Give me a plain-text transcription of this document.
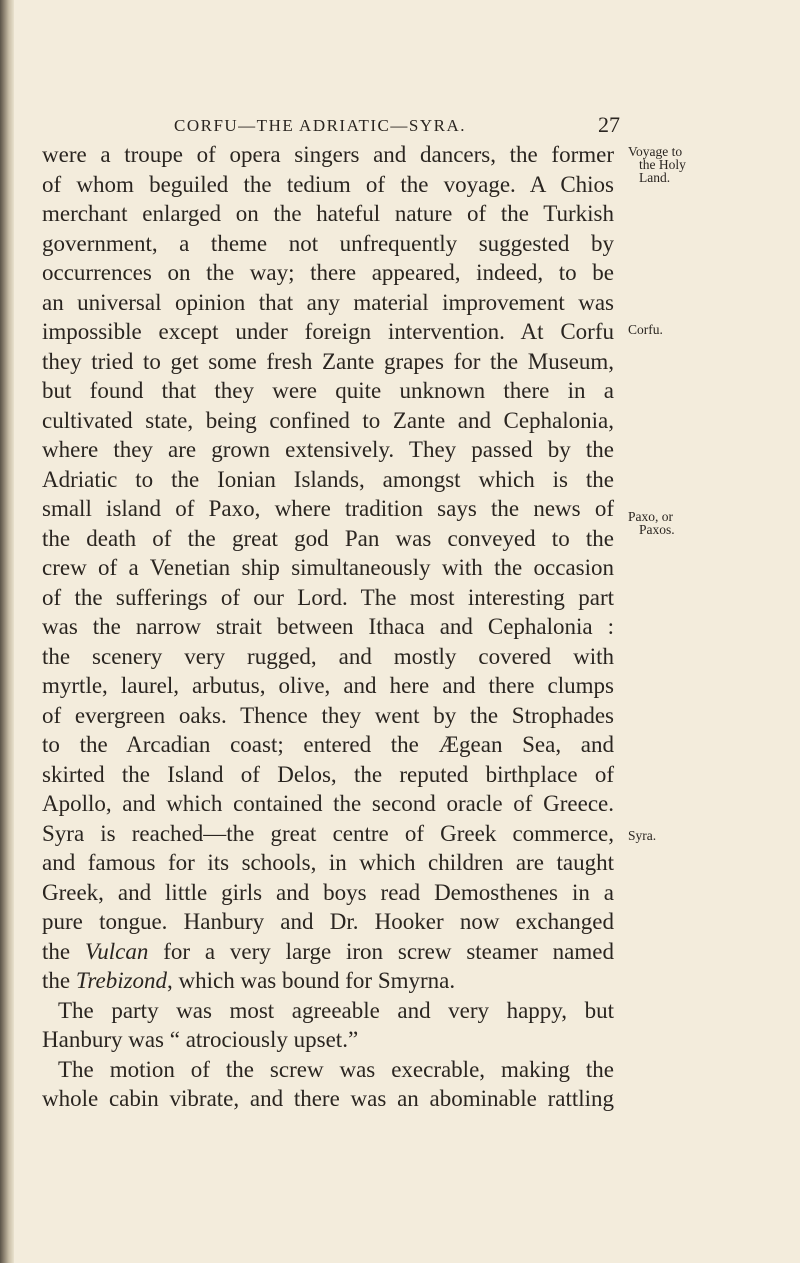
CORFU—THE ADRIATIC—SYRA.	27
were a troupe of opera singers and dancers, the former
of whom beguiled the tedium of the voyage. A Chios
merchant enlarged on the hateful nature of the Turkish
government, a theme not unfrequently suggested by
occurrences on the way; there appeared, indeed, to be
an universal opinion that any material improvement was
impossible except under foreign intervention. At Corfu
they tried to get some fresh Zante grapes for the Museum,
but found that they were quite unknown there in a
cultivated state, being confined to Zante and Cephalonia,
where they are grown extensively. They passed by the
Adriatic to the Ionian Islands, amongst which is the
small island of Paxo, where tradition says the news of
the death of the great god Pan was conveyed to the
crew of a Venetian ship simultaneously with the occasion
of the sufferings of our Lord. The most interesting part
was the narrow strait between Ithaca and Cephalonia :
the scenery very rugged, and mostly covered with
myrtle, laurel, arbutus, olive, and here and there clumps
of evergreen oaks. Thence they went by the Strophades
to the Arcadian coast; entered the Ægean Sea, and
skirted the Island of Delos, the reputed birthplace of
Apollo, and which contained the second oracle of Greece.
Syra is reached—the great centre of Greek commerce,
and famous for its schools, in which children are taught
Greek, and little girls and boys read Demosthenes in a
pure tongue. Hanbury and Dr. Hooker now exchanged
the Vulcan for a very large iron screw steamer named
the Trebizond, which was bound for Smyrna.
The party was most agreeable and very happy, but
Hanbury was “ atrociously upset.”
The motion of the screw was execrable, making the
whole cabin vibrate, and there was an abominable rattling
Voyage to
the Holy
Land.
Corfu.
Paxo, or
Paxos.
Syra.
